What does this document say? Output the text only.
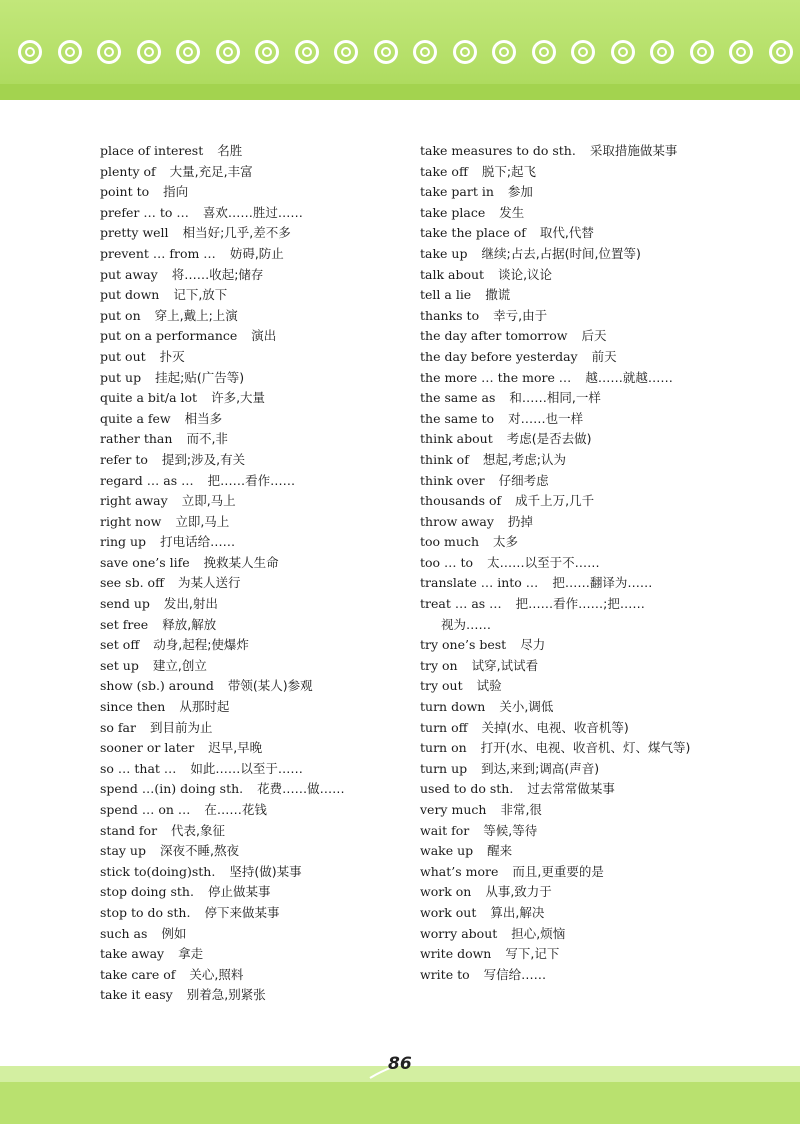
place of interest 名胜
plenty of 大量,充足,丰富
point to 指向
prefer … to … 喜欢……胜过……
pretty well 相当好;几乎,差不多
prevent … from … 妨碍,防止
put away 将……收起;储存
put down 记下,放下
put on 穿上,戴上;上演
put on a performance 演出
put out 扑灭
put up 挂起;贴(广告等)
quite a bit/a lot 许多,大量
quite a few 相当多
rather than 而不,非
refer to 提到;涉及,有关
regard … as … 把……看作……
right away 立即,马上
right now 立即,马上
ring up 打电话给……
save one’s life 挽救某人生命
see sb. off 为某人送行
send up 发出,射出
set free 释放,解放
set off 动身,起程;使爆炸
set up 建立,创立
show (sb.) around 带领(某人)参观
since then 从那时起
so far 到目前为止
sooner or later 迟早,早晚
so … that … 如此……以至于……
spend …(in) doing sth. 花费……做……
spend … on … 在……花钱
stand for 代表,象征
stay up 深夜不睡,熬夜
stick to(doing)sth. 坚持(做)某事
stop doing sth. 停止做某事
stop to do sth. 停下来做某事
such as 例如
take away 拿走
take care of 关心,照料
take it easy 别着急,别紧张
take measures to do sth. 采取措施做某事
take off 脱下;起飞
take part in 参加
take place 发生
take the place of 取代,代替
take up 继续;占去,占据(时间,位置等)
talk about 谈论,议论
tell a lie 撒谎
thanks to 幸亏,由于
the day after tomorrow 后天
the day before yesterday 前天
the more … the more … 越……就越……
the same as 和……相同,一样
the same to 对……也一样
think about 考虑(是否去做)
think of 想起,考虑;认为
think over 仔细考虑
thousands of 成千上万,几千
throw away 扔掉
too much 太多
too … to 太……以至于不……
translate … into … 把……翻译为……
treat … as … 把……看作……;把……
视为……
try one’s best 尽力
try on 试穿,试试看
try out 试验
turn down 关小,调低
turn off 关掉(水、电视、收音机等)
turn on 打开(水、电视、收音机、灯、煤气等)
turn up 到达,来到;调高(声音)
used to do sth. 过去常常做某事
very much 非常,很
wait for 等候,等待
wake up 醒来
what’s more 而且,更重要的是
work on 从事,致力于
work out 算出,解决
worry about 担心,烦恼
write down 写下,记下
write to 写信给……
86
